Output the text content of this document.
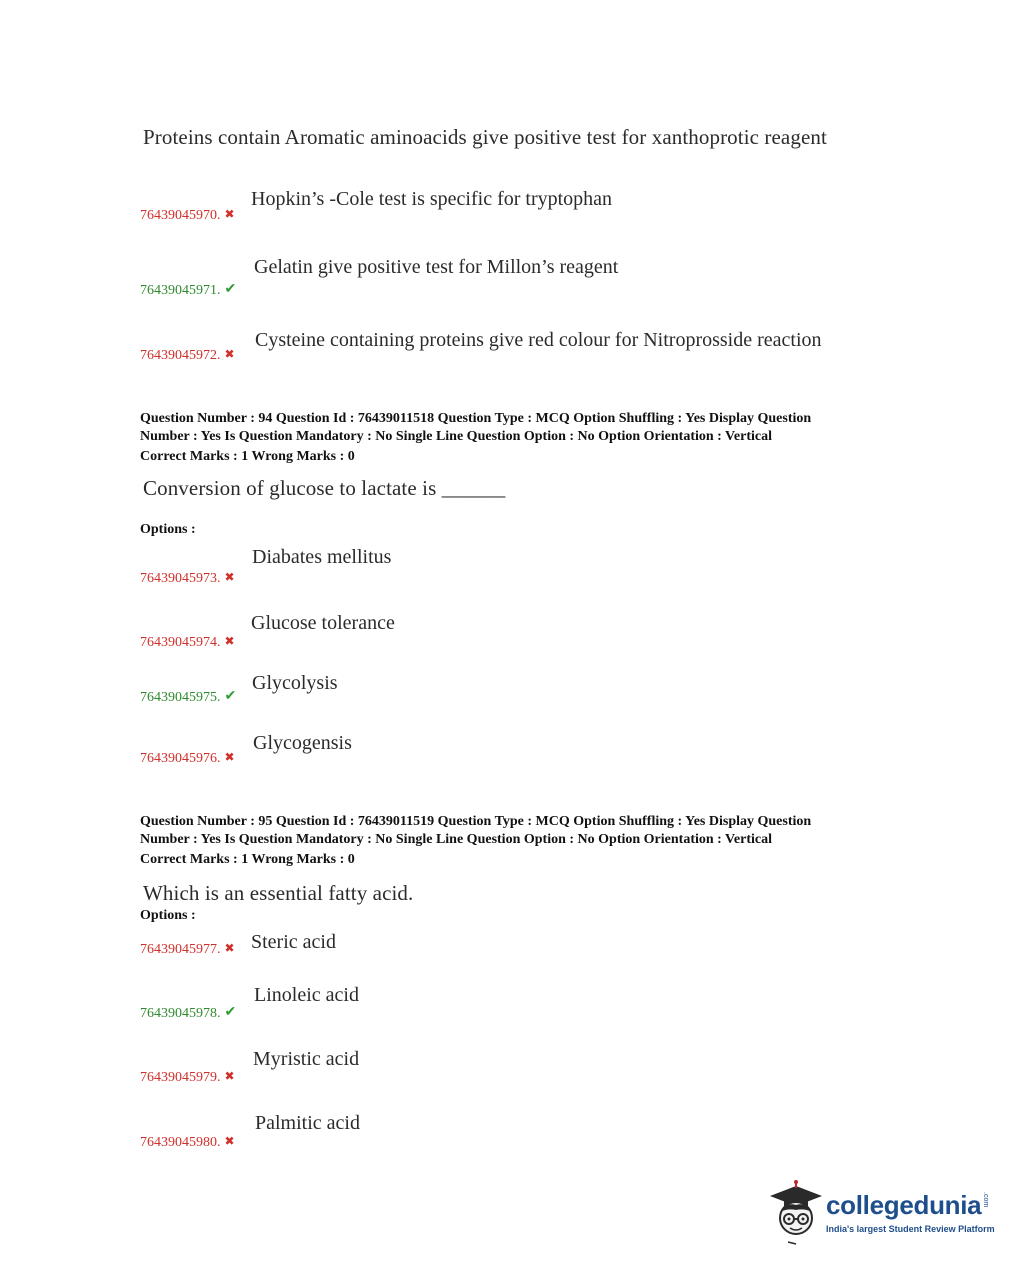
Proteins contain Aromatic aminoacids give positive test for xanthoprotic reagent
76439045970. ✖
Hopkin’s -Cole test is specific for tryptophan
76439045971. ✔
Gelatin give positive test for Millon’s reagent
76439045972. ✖
Cysteine containing proteins give red colour for Nitroprosside reaction
Question Number : 94 Question Id : 76439011518 Question Type : MCQ Option Shuffling : Yes Display Question
Number : Yes Is Question Mandatory : No Single Line Question Option : No Option Orientation : Vertical
Correct Marks : 1 Wrong Marks : 0
Conversion of glucose to lactate is ______
Options :
76439045973. ✖
Diabates mellitus
76439045974. ✖
Glucose tolerance
76439045975. ✔
Glycolysis
76439045976. ✖
Glycogensis
Question Number : 95 Question Id : 76439011519 Question Type : MCQ Option Shuffling : Yes Display Question
Number : Yes Is Question Mandatory : No Single Line Question Option : No Option Orientation : Vertical
Correct Marks : 1 Wrong Marks : 0
Which is an essential fatty acid.
Options :
76439045977. ✖ Steric acid
76439045978. ✔
Linoleic acid
76439045979. ✖
Myristic acid
76439045980. ✖
Palmitic acid
collegedunia .com
India's largest Student Review Platform
